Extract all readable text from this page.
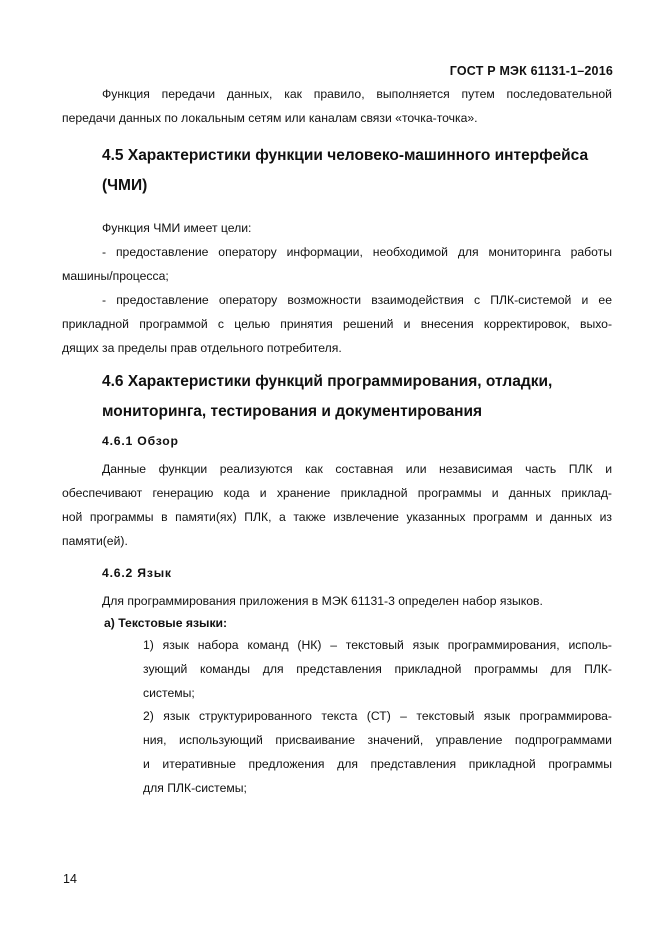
ГОСТ Р МЭК 61131-1–2016
Функция передачи данных, как правило, выполняется путем последовательной
передачи данных по локальным сетям или каналам связи «точка-точка».
4.5 Характеристики функции человеко-машинного интерфейса
(ЧМИ)
Функция ЧМИ имеет цели:
- предоставление оператору информации, необходимой для мониторинга работы
машины/процесса;
- предоставление оператору возможности взаимодействия с ПЛК-системой и ее
прикладной программой с целью принятия решений и внесения корректировок, выхо-
дящих за пределы прав отдельного потребителя.
4.6 Характеристики функций программирования, отладки,
мониторинга, тестирования и документирования
4.6.1 Обзор
Данные функции реализуются как составная или независимая часть ПЛК и
обеспечивают генерацию кода и хранение прикладной программы и данных приклад-
ной программы в памяти(ях) ПЛК, а также извлечение указанных программ и данных из
памяти(ей).
4.6.2 Язык
Для программирования приложения в МЭК 61131-3 определен набор языков.
а) Текстовые языки:
1) язык набора команд (НК) – текстовый язык программирования, исполь-
зующий команды для представления прикладной программы для ПЛК-
системы;
2) язык структурированного текста (СТ) – текстовый язык программирова-
ния, использующий присваивание значений, управление подпрограммами
и итеративные предложения для представления прикладной программы
для ПЛК-системы;
14
